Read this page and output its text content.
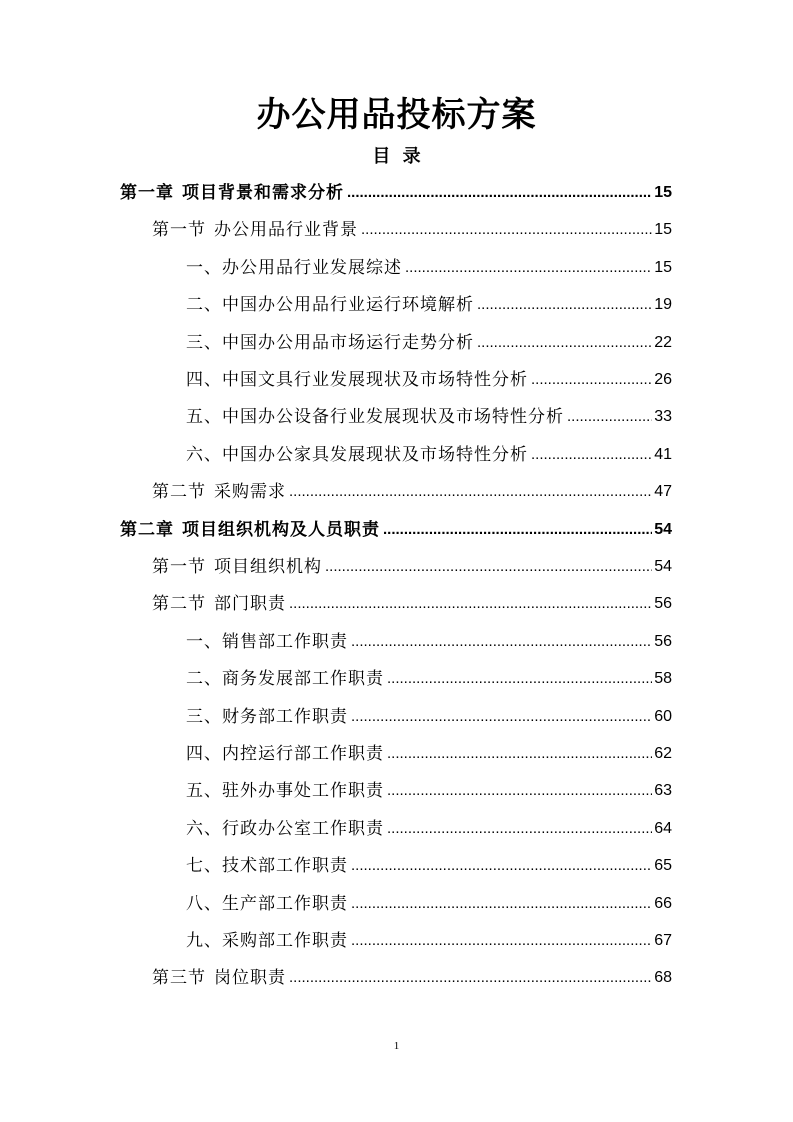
办公用品投标方案
目 录
第一章 项目背景和需求分析 .....	15
第一节 办公用品行业背景 .....	15
一、办公用品行业发展综述 .....	15
二、中国办公用品行业运行环境解析 .....	19
三、中国办公用品市场运行走势分析 .....	22
四、中国文具行业发展现状及市场特性分析 .....	26
五、中国办公设备行业发展现状及市场特性分析 .....	33
六、中国办公家具发展现状及市场特性分析 .....	41
第二节 采购需求 .....	47
第二章 项目组织机构及人员职责 .....	54
第一节 项目组织机构 .....	54
第二节 部门职责 .....	56
一、销售部工作职责 .....	56
二、商务发展部工作职责 .....	58
三、财务部工作职责 .....	60
四、内控运行部工作职责 .....	62
五、驻外办事处工作职责 .....	63
六、行政办公室工作职责 .....	64
七、技术部工作职责 .....	65
八、生产部工作职责 .....	66
九、采购部工作职责 .....	67
第三节 岗位职责 .....	68
1
